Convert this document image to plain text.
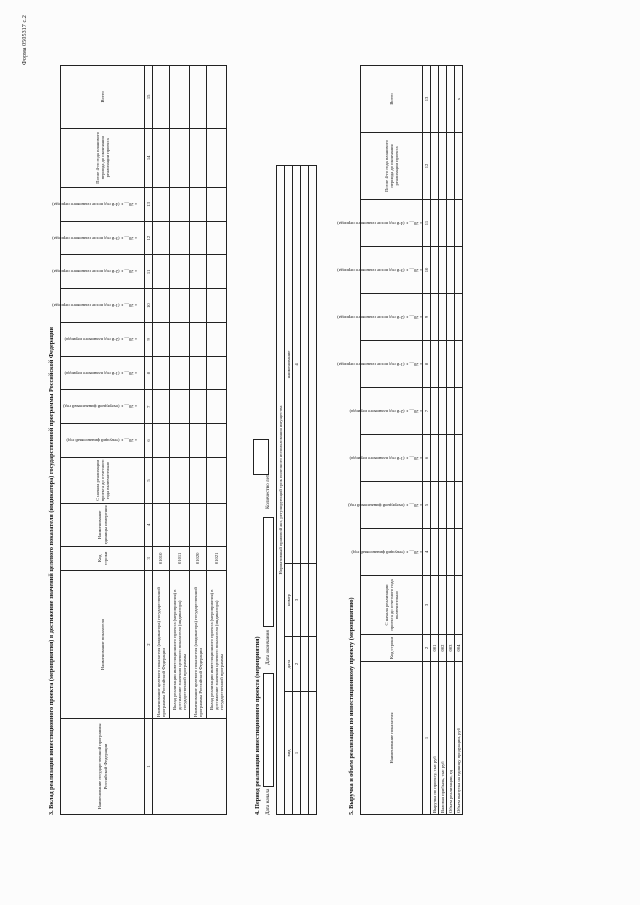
Форма 0505317 с.2
3. Вклад реализации инвестиционного проекта (мероприятия) в достижение значений целевого показателя (индикатора) государственной программы Российской Федерации	Наименование государственной программы Российской Федерации	Наименование показателя	Код строки	Наименование единицы измерения	С начала реализации проекта до отчетного года включительно	« 20__ г. (текущий финансовый год)	« 20__ г. (очередной финансовый год)	« 20__ г. (1-й год планового периода)	« 20__ г. (2-й год планового периода)	« 20__ г. (1-й год после планового периода)	« 20__ г. (2-й год после планового периода)	« 20__ г. (3-й год после планового периода)	« 20__ г. (4-й год после планового периода)	После 4-го года планового периода до окончания реализации проекта	Всего
1	2	3	4	5	6	7	8	9	10	11	12	13	14	15
	Наименование целевого показателя (индикатора) государственной программы Российской Федерации	01010												
	Вклад реализации инвестиционного проекта (мероприятия) в достижение значения целевого показателя (индикатора) государственной программы	01011												
	Наименование целевого показателя (индикатора) государственной программы Российской Федерации	01020												
	Вклад реализации инвестиционного проекта (мероприятия) в достижение значения целевого показателя (индикатора) государственной программы	01021												
4. Период реализации инвестиционного проекта (мероприятия) Дата начала
Дата окончания
Количество лет Нормативный правовой акт, регулирующий срок полезного использования имущества			
вид	дата	номер	наименование
1	2	3	4

5. Выручка и объем реализации по инвестиционному проекту (мероприятию)	Наименование показателя	Код строки	С начала реализации проекта до отчетного года включительно	« 20__ г. (текущий финансовый год)	« 20__ г. (очередной финансовый год)	« 20__ г. (1-й год планового периода)	« 20__ г. (2-й год планового периода)	« 20__ г. (1-й год после планового периода)	« 20__ г. (2-й год после планового периода)	« 20__ г. (3-й год после планового периода)	« 20__ г. (4-й год после планового периода)	После 4-го года планового периода до окончания реализации проекта	Всего
1	2	3	4	5	6	7	8	9	10	11	12	13
Выручка по проекту, тыс руб	001											
Валовая прибыль, тыс руб	002											
Объем реализации, ед	003											
Объем выпуска на единицу продукции, руб	004											x
